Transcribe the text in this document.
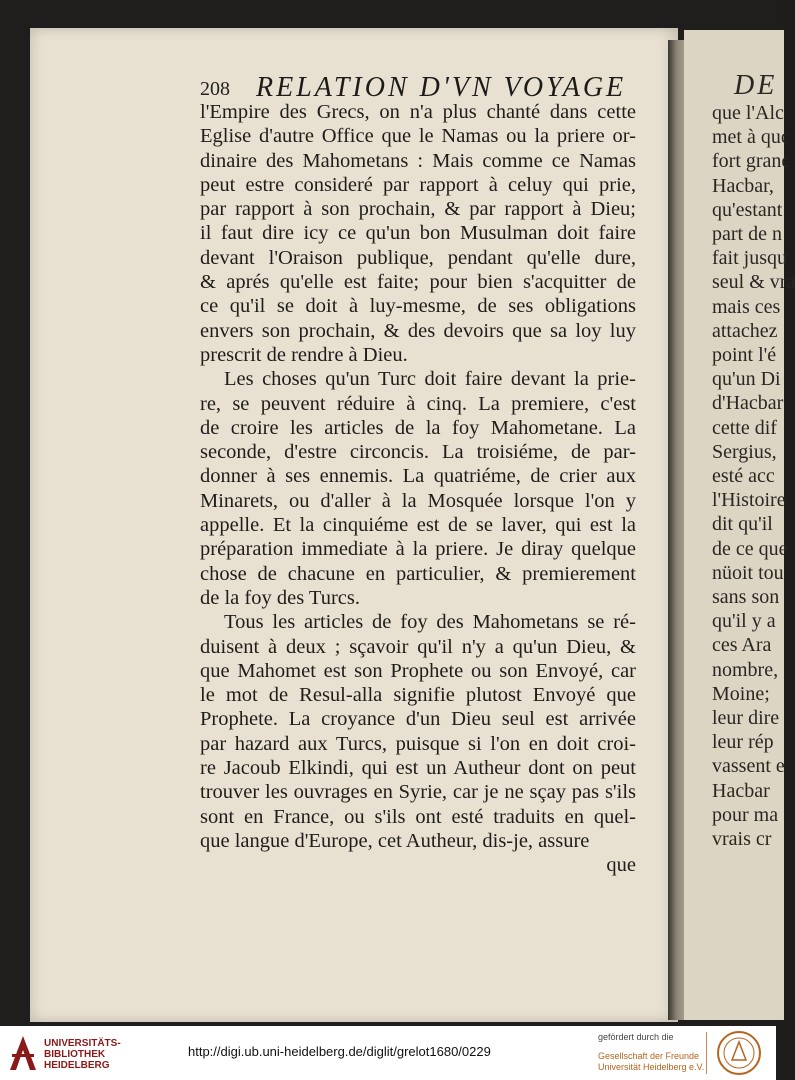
DE
que l'Alc
met à quc
fort granc
Hacbar,
qu'estant
part de n
fait jusqu
seul & vra
mais ces
attachez
point l'é
qu'un Di
d'Hacbar
cette dif
Sergius,
esté acc
l'Histoire
dit qu'il
de ce que
nüoit tou
sans son
qu'il y a
ces Ara
nombre,
Moine;
leur dire
leur rép
vassent e
Hacbar
pour ma
vrais cr
208 RELATION D'VN VOYAGE
l'Empire des Grecs, on n'a plus chanté dans cette
Eglise d'autre Office que le Namas ou la priere or-
dinaire des Mahometans : Mais comme ce Namas
peut estre consideré par rapport à celuy qui prie,
par rapport à son prochain, & par rapport à Dieu;
il faut dire icy ce qu'un bon Musulman doit faire
devant l'Oraison publique, pendant qu'elle dure,
& aprés qu'elle est faite; pour bien s'acquitter de
ce qu'il se doit à luy-mesme, de ses obligations
envers son prochain, & des devoirs que sa loy luy
prescrit de rendre à Dieu.
Les choses qu'un Turc doit faire devant la prie-
re, se peuvent réduire à cinq. La premiere, c'est
de croire les articles de la foy Mahometane. La
seconde, d'estre circoncis. La troisiéme, de par-
donner à ses ennemis. La quatriéme, de crier aux
Minarets, ou d'aller à la Mosquée lorsque l'on y
appelle. Et la cinquiéme est de se laver, qui est la
préparation immediate à la priere. Je diray quelque
chose de chacune en particulier, & premierement
de la foy des Turcs.
Tous les articles de foy des Mahometans se ré-
duisent à deux ; sçavoir qu'il n'y a qu'un Dieu, &
que Mahomet est son Prophete ou son Envoyé, car
le mot de Resul-alla signifie plutost Envoyé que
Prophete. La croyance d'un Dieu seul est arrivée
par hazard aux Turcs, puisque si l'on en doit croi-
re Jacoub Elkindi, qui est un Autheur dont on peut
trouver les ouvrages en Syrie, car je ne sçay pas s'ils
sont en France, ou s'ils ont esté traduits en quel-
que langue d'Europe, cet Autheur, dis-je, assure
que
UNIVERSITÄTS-
BIBLIOTHEK
HEIDELBERG
http://digi.ub.uni-heidelberg.de/diglit/grelot1680/0229
gefördert durch die
Gesellschaft der Freunde
Universität Heidelberg e.V.
